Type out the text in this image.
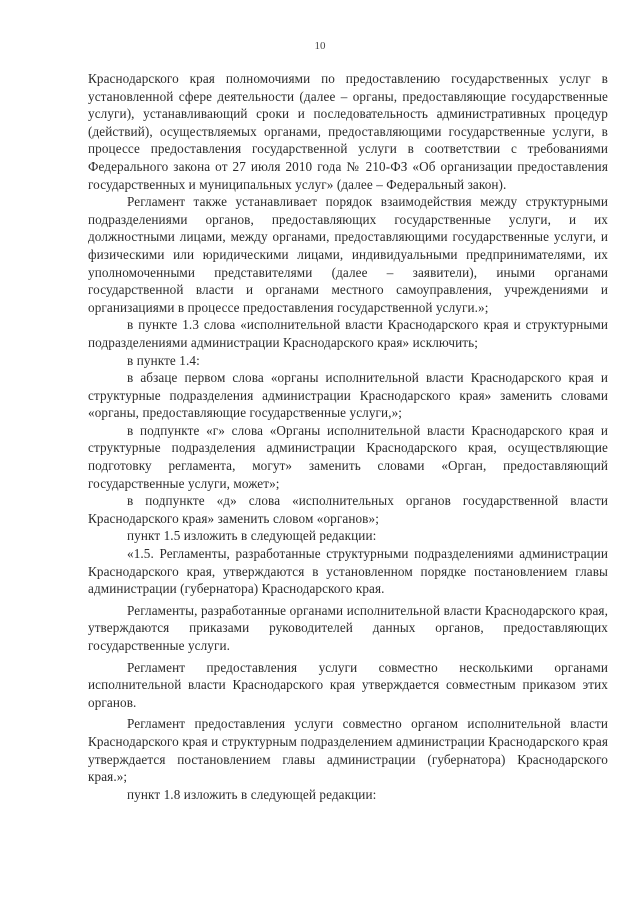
10

Краснодарского края полномочиями по предоставлению государственных услуг в установленной сфере деятельности (далее – органы, предоставляющие государственные услуги), устанавливающий сроки и последовательность административных процедур (действий), осуществляемых органами, предоставляющими государственные услуги, в процессе предоставления государственной услуги в соответствии с требованиями Федерального закона от 27 июля 2010 года № 210-ФЗ «Об организации предоставления государственных и муниципальных услуг» (далее – Федеральный закон).

Регламент также устанавливает порядок взаимодействия между структурными подразделениями органов, предоставляющих государственные услуги, и их должностными лицами, между органами, предоставляющими государственные услуги, и физическими или юридическими лицами, индивидуальными предпринимателями, их уполномоченными представителями (далее – заявители), иными органами государственной власти и органами местного самоуправления, учреждениями и организациями в процессе предоставления государственной услуги.»;

в пункте 1.3 слова «исполнительной власти Краснодарского края и структурными подразделениями администрации Краснодарского края» исключить;

в пункте 1.4:

в абзаце первом слова «органы исполнительной власти Краснодарского края и структурные подразделения администрации Краснодарского края» заменить словами «органы, предоставляющие государственные услуги,»;

в подпункте «г» слова «Органы исполнительной власти Краснодарского края и структурные подразделения администрации Краснодарского края, осуществляющие подготовку регламента, могут» заменить словами «Орган, предоставляющий государственные услуги, может»;

в подпункте «д» слова «исполнительных органов государственной власти Краснодарского края» заменить словом «органов»;

пункт 1.5 изложить в следующей редакции:

«1.5. Регламенты, разработанные структурными подразделениями администрации Краснодарского края, утверждаются в установленном порядке постановлением главы администрации (губернатора) Краснодарского края.

Регламенты, разработанные органами исполнительной власти Краснодарского края, утверждаются приказами руководителей данных органов, предоставляющих государственные услуги.

Регламент предоставления услуги совместно несколькими органами исполнительной власти Краснодарского края утверждается совместным приказом этих органов.

Регламент предоставления услуги совместно органом исполнительной власти Краснодарского края и структурным подразделением администрации Краснодарского края утверждается постановлением главы администрации (губернатора) Краснодарского края.»;

пункт 1.8 изложить в следующей редакции:
